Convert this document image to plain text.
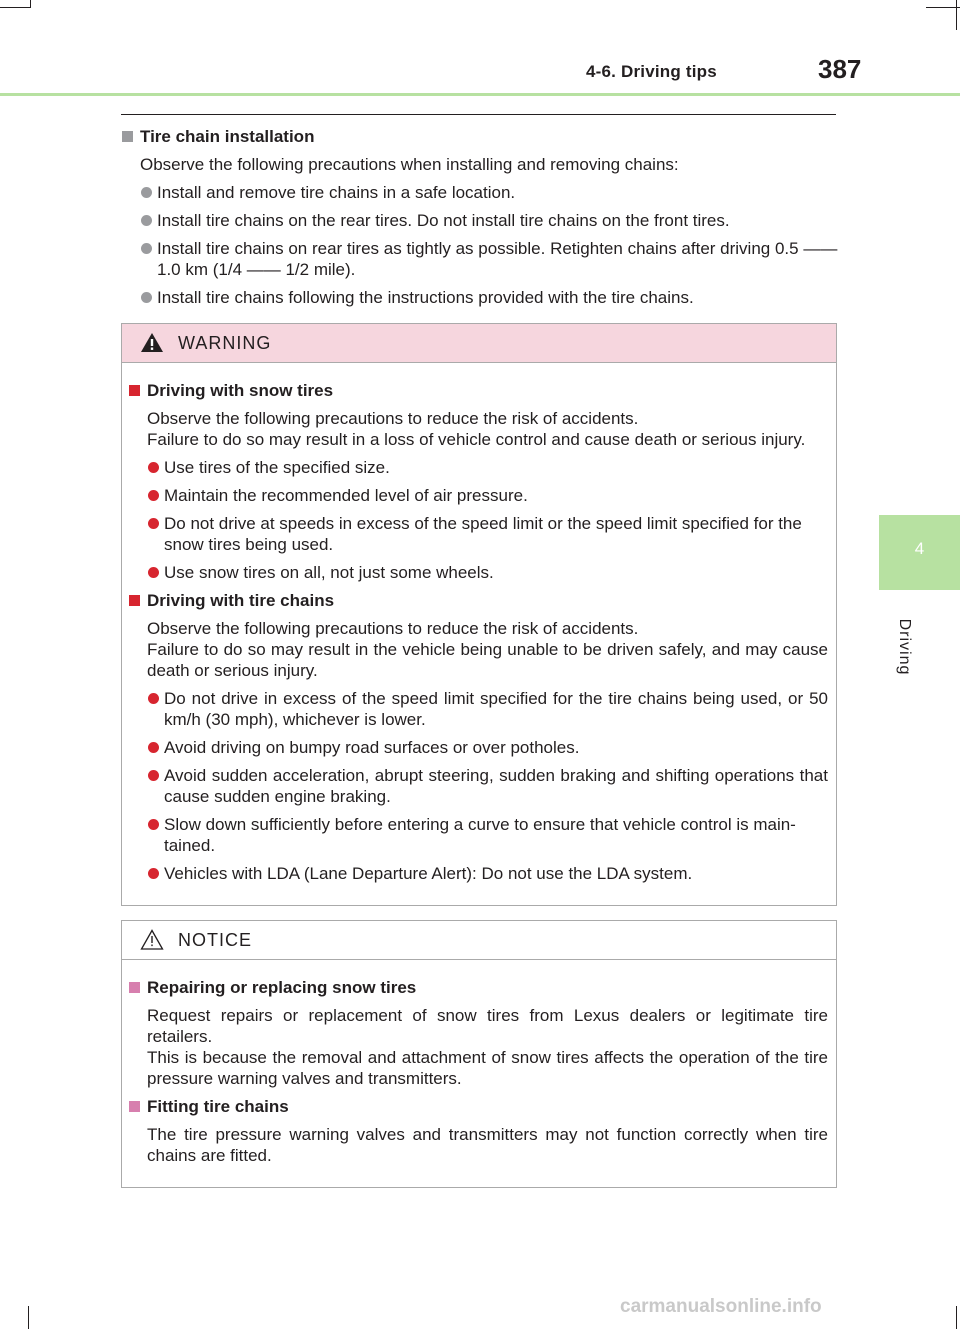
4-6. Driving tips	387
4
Driving
Tire chain installation
Observe the following precautions when installing and removing chains:
Install and remove tire chains in a safe location.
Install tire chains on the rear tires. Do not install tire chains on the front tires.
Install tire chains on rear tires as tightly as possible. Retighten chains after driving 0.5 —— 1.0 km (1/4 —— 1/2 mile).
Install tire chains following the instructions provided with the tire chains.
WARNING
Driving with snow tires
Observe the following precautions to reduce the risk of accidents.
Failure to do so may result in a loss of vehicle control and cause death or serious injury.
Use tires of the specified size.
Maintain the recommended level of air pressure.
Do not drive at speeds in excess of the speed limit or the speed limit specified for the snow tires being used.
Use snow tires on all, not just some wheels.
Driving with tire chains
Observe the following precautions to reduce the risk of accidents.
Failure to do so may result in the vehicle being unable to be driven safely, and may cause death or serious injury.
Do not drive in excess of the speed limit specified for the tire chains being used, or 50 km/h (30 mph), whichever is lower.
Avoid driving on bumpy road surfaces or over potholes.
Avoid sudden acceleration, abrupt steering, sudden braking and shifting operations that cause sudden engine braking.
Slow down sufficiently before entering a curve to ensure that vehicle control is main-tained.
Vehicles with LDA (Lane Departure Alert): Do not use the LDA system.
NOTICE
Repairing or replacing snow tires
Request repairs or replacement of snow tires from Lexus dealers or legitimate tire retailers.
This is because the removal and attachment of snow tires affects the operation of the tire pressure warning valves and transmitters.
Fitting tire chains
The tire pressure warning valves and transmitters may not function correctly when tire chains are fitted.
carmanualsonline.info
